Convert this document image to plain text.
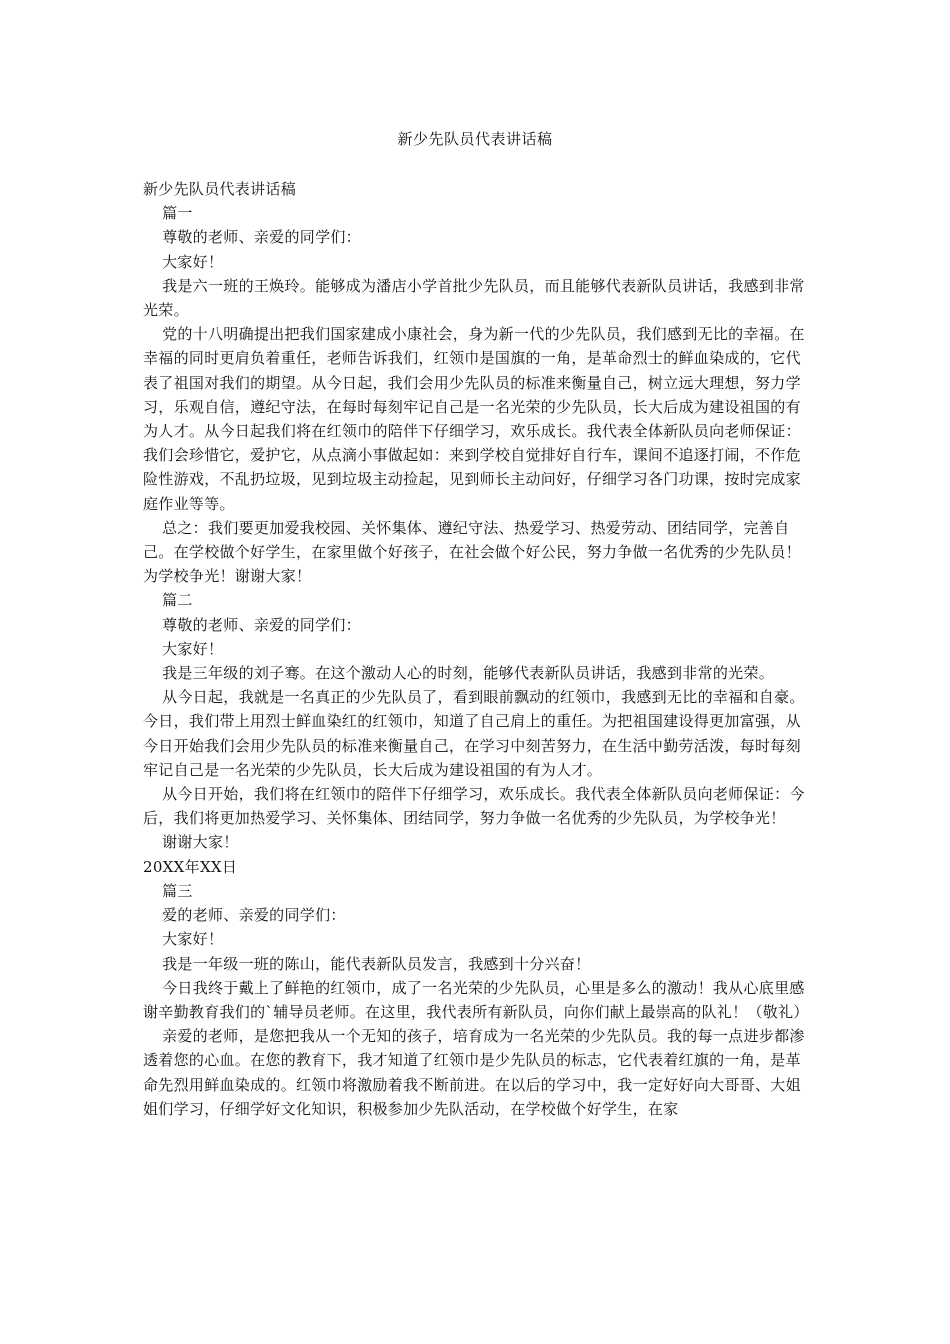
新少先队员代表讲话稿

新少先队员代表讲话稿

篇一

尊敬的老师、亲爱的同学们：

大家好！

我是六一班的王焕玲。能够成为潘店小学首批少先队员，而且能够代表新队员讲话，我感到非常光荣。

党的十八明确提出把我们国家建成小康社会，身为新一代的少先队员，我们感到无比的幸福。在幸福的同时更肩负着重任，老师告诉我们，红领巾是国旗的一角，是革命烈士的鲜血染成的，它代表了祖国对我们的期望。从今日起，我们会用少先队员的标准来衡量自己，树立远大理想，努力学习，乐观自信，遵纪守法，在每时每刻牢记自己是一名光荣的少先队员，长大后成为建设祖国的有为人才。从今日起我们将在红领巾的陪伴下仔细学习，欢乐成长。我代表全体新队员向老师保证：我们会珍惜它，爱护它，从点滴小事做起如：来到学校自觉排好自行车，课间不追逐打闹，不作危险性游戏，不乱扔垃圾，见到垃圾主动捡起，见到师长主动问好，仔细学习各门功课，按时完成家庭作业等等。

总之：我们要更加爱我校园、关怀集体、遵纪守法、热爱学习、热爱劳动、团结同学，完善自己。在学校做个好学生，在家里做个好孩子，在社会做个好公民，努力争做一名优秀的少先队员！为学校争光！谢谢大家！

篇二

尊敬的老师、亲爱的同学们：

大家好！

我是三年级的刘子骞。在这个激动人心的时刻，能够代表新队员讲话，我感到非常的光荣。

从今日起，我就是一名真正的少先队员了，看到眼前飘动的红领巾，我感到无比的幸福和自豪。今日，我们带上用烈士鲜血染红的红领巾，知道了自己肩上的重任。为把祖国建设得更加富强，从今日开始我们会用少先队员的标准来衡量自己，在学习中刻苦努力，在生活中勤劳活泼，每时每刻牢记自己是一名光荣的少先队员，长大后成为建设祖国的有为人才。

从今日开始，我们将在红领巾的陪伴下仔细学习，欢乐成长。我代表全体新队员向老师保证：今后，我们将更加热爱学习、关怀集体、团结同学，努力争做一名优秀的少先队员，为学校争光！

谢谢大家！

20XX年XX日

篇三

爱的老师、亲爱的同学们：

大家好！

我是一年级一班的陈山，能代表新队员发言，我感到十分兴奋！

今日我终于戴上了鲜艳的红领巾，成了一名光荣的少先队员，心里是多么的激动！我从心底里感谢辛勤教育我们的`辅导员老师。在这里，我代表所有新队员，向你们献上最崇高的队礼！（敬礼）

亲爱的老师，是您把我从一个无知的孩子，培育成为一名光荣的少先队员。我的每一点进步都渗透着您的心血。在您的教育下，我才知道了红领巾是少先队员的标志，它代表着红旗的一角，是革命先烈用鲜血染成的。红领巾将激励着我不断前进。在以后的学习中，我一定好好向大哥哥、大姐姐们学习，仔细学好文化知识，积极参加少先队活动，在学校做个好学生，在家
